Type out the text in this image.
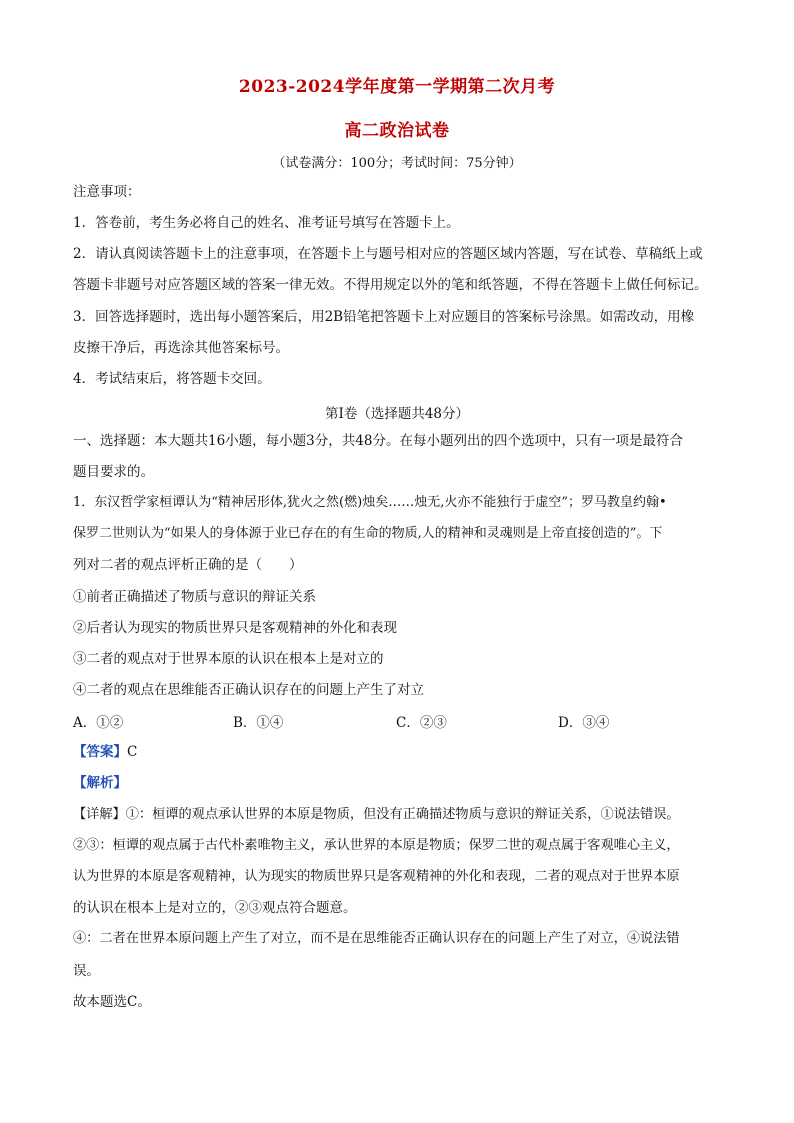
2023-2024学年度第一学期第二次月考
高二政治试卷
（试卷满分：100分；考试时间：75分钟）
注意事项：
1．答卷前，考生务必将自己的姓名、准考证号填写在答题卡上。
2．请认真阅读答题卡上的注意事项，在答题卡上与题号相对应的答题区域内答题，写在试卷、草稿纸上或
答题卡非题号对应答题区域的答案一律无效。不得用规定以外的笔和纸答题，不得在答题卡上做任何标记。
3．回答选择题时，选出每小题答案后，用2B铅笔把答题卡上对应题目的答案标号涂黑。如需改动，用橡
皮擦干净后，再选涂其他答案标号。
4．考试结束后，将答题卡交回。
第Ⅰ卷（选择题共48分）
一、选择题：本大题共16小题，每小题3分，共48分。在每小题列出的四个选项中，只有一项是最符合
题目要求的。
1．东汉哲学家桓谭认为“精神居形体,犹火之然(燃)烛矣……烛无,火亦不能独行于虚空”；罗马教皇约翰•
保罗二世则认为“如果人的身体源于业已存在的有生命的物质,人的精神和灵魂则是上帝直接创造的”。下
列对二者的观点评析正确的是（　　）
①前者正确描述了物质与意识的辩证关系
②后者认为现实的物质世界只是客观精神的外化和表现
③二者的观点对于世界本原的认识在根本上是对立的
④二者的观点在思维能否正确认识存在的问题上产生了对立
A．①②	B．①④	C．②③	D．③④
【答案】C
【解析】
【详解】①：桓谭的观点承认世界的本原是物质，但没有正确描述物质与意识的辩证关系，①说法错误。
②③：桓谭的观点属于古代朴素唯物主义，承认世界的本原是物质；保罗二世的观点属于客观唯心主义，
认为世界的本原是客观精神，认为现实的物质世界只是客观精神的外化和表现，二者的观点对于世界本原
的认识在根本上是对立的，②③观点符合题意。
④：二者在世界本原问题上产生了对立，而不是在思维能否正确认识存在的问题上产生了对立，④说法错
误。
故本题选C。
